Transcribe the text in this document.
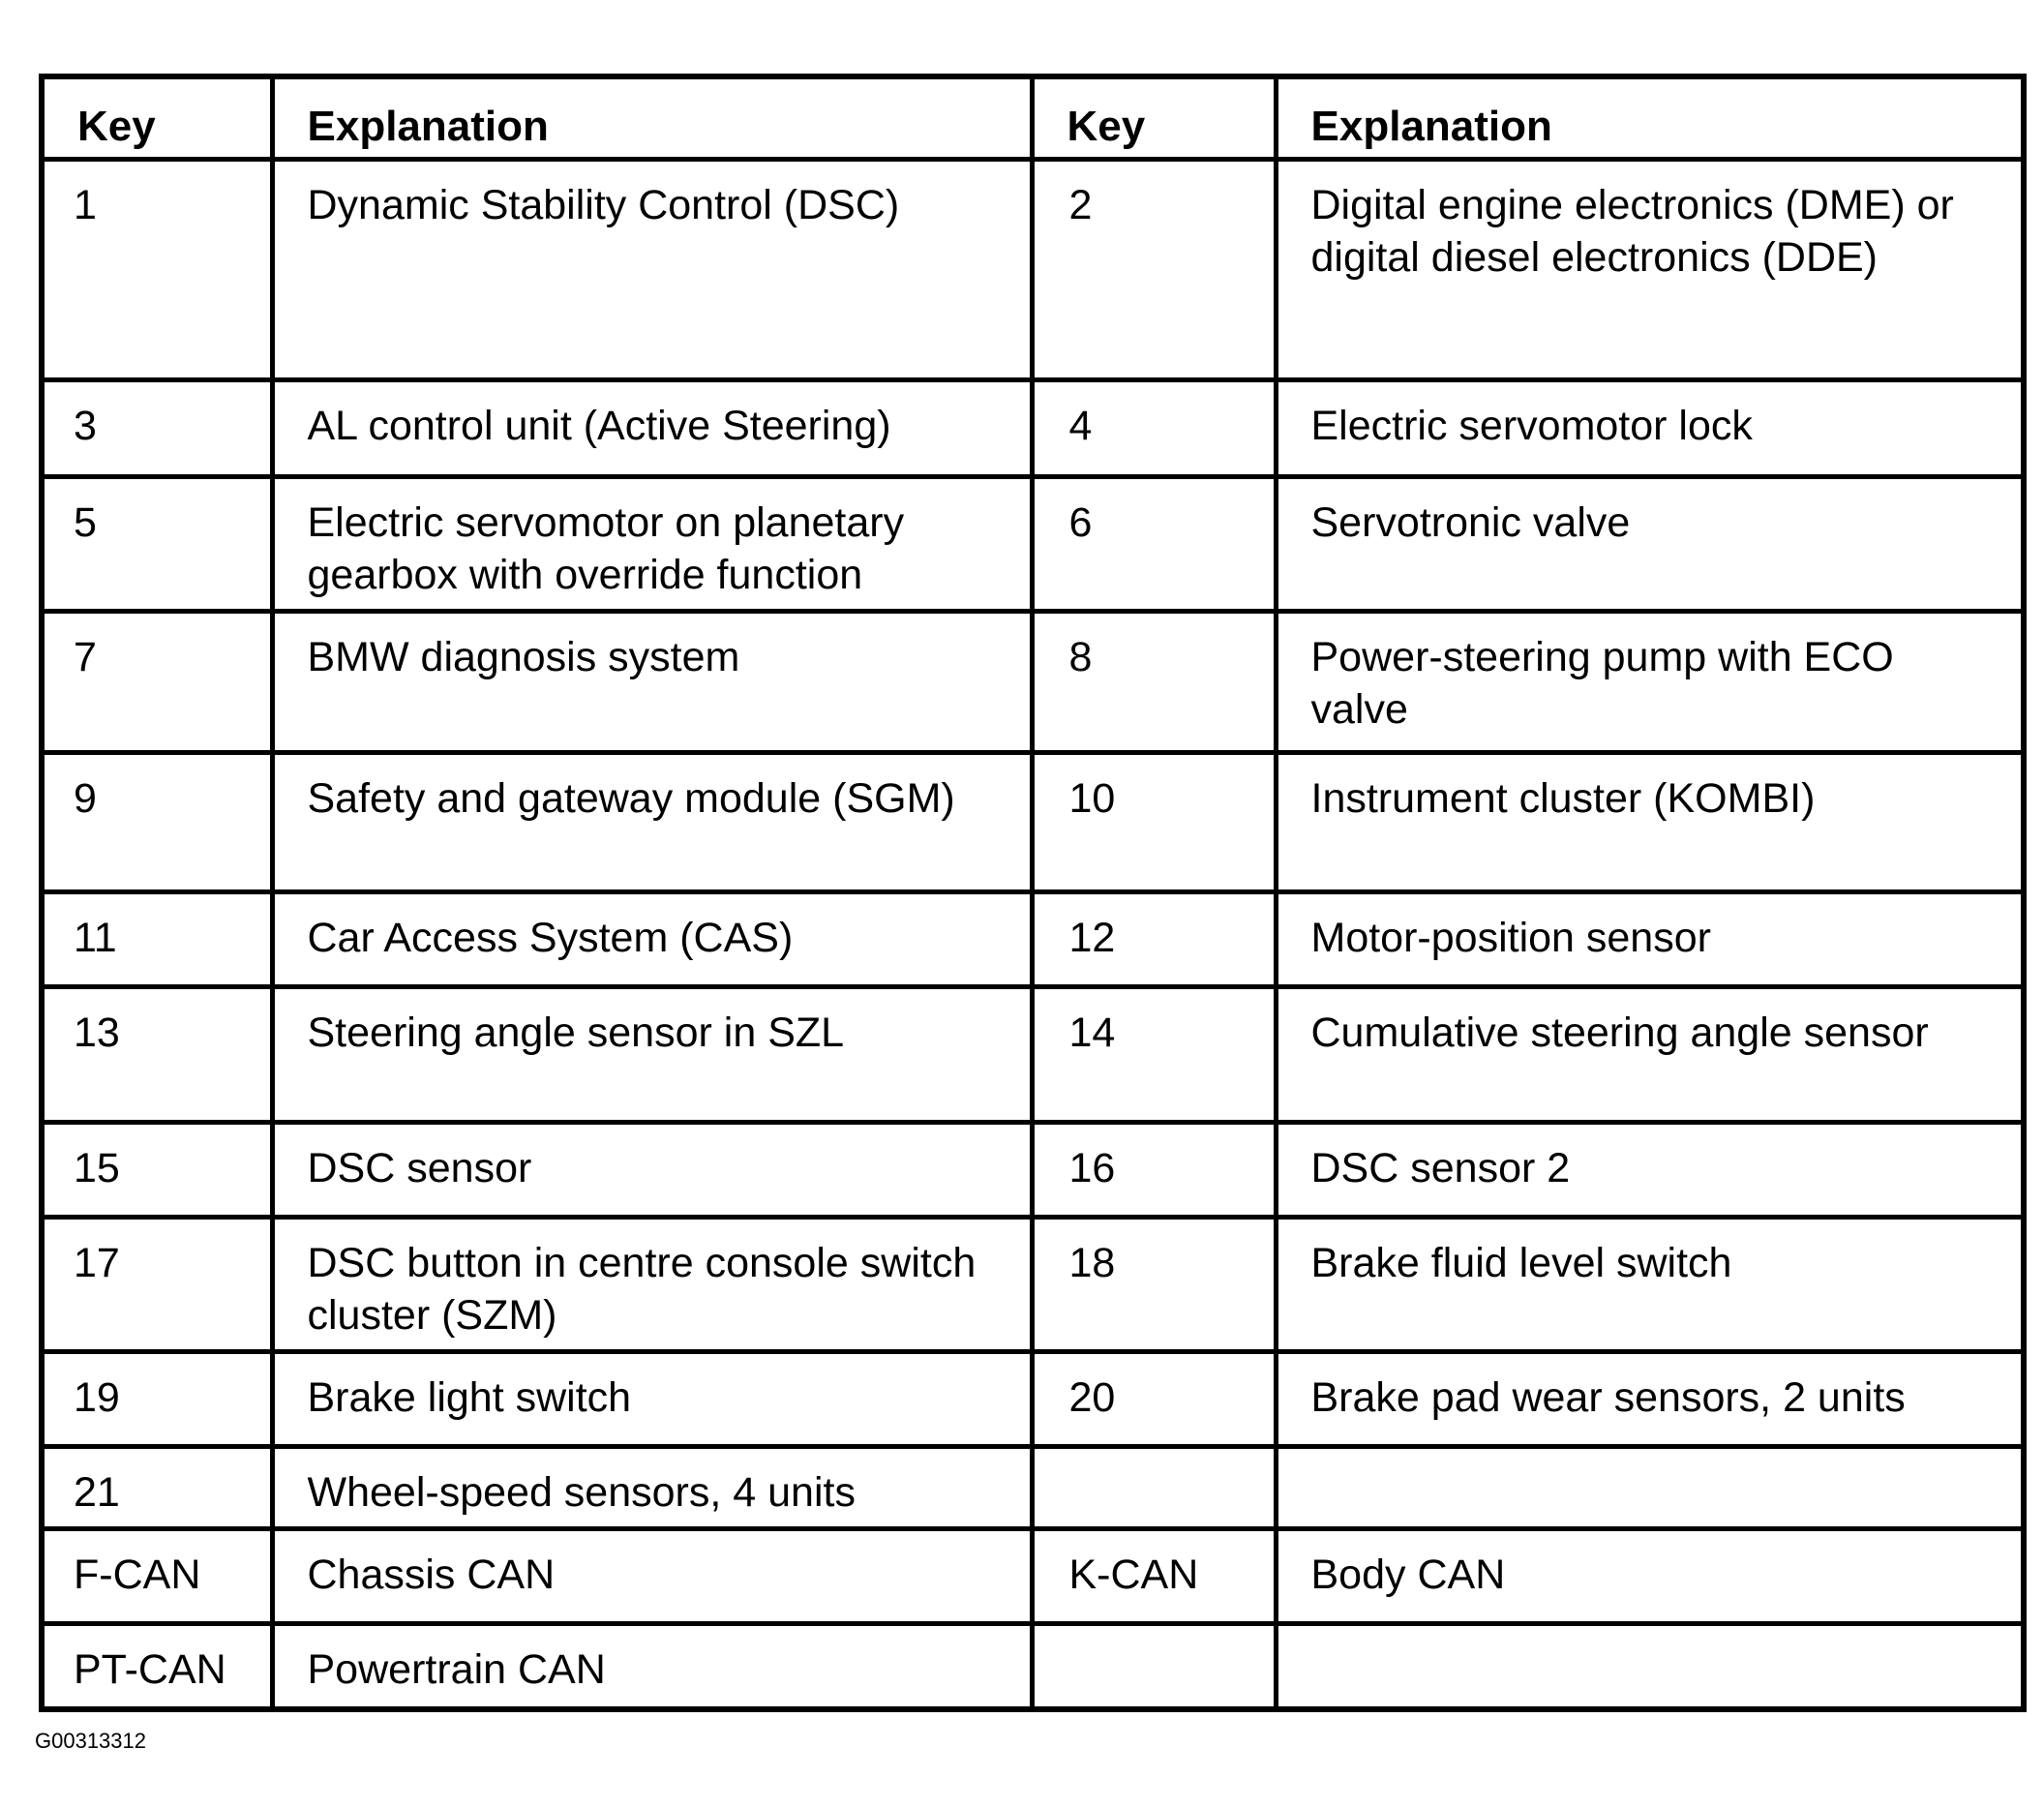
Key	Explanation	Key	Explanation
1	Dynamic Stability Control (DSC)	2	Digital engine electronics (DME) or digital diesel electronics (DDE)
3	AL control unit (Active Steering)	4	Electric servomotor lock
5	Electric servomotor on planetary gearbox with override function	6	Servotronic valve
7	BMW diagnosis system	8	Power-steering pump with ECO valve
9	Safety and gateway module (SGM)	10	Instrument cluster (KOMBI)
11	Car Access System (CAS)	12	Motor-position sensor
13	Steering angle sensor in SZL	14	Cumulative steering angle sensor
15	DSC sensor	16	DSC sensor 2
17	DSC button in centre console switch cluster (SZM)	18	Brake fluid level switch
19	Brake light switch	20	Brake pad wear sensors, 2 units
21	Wheel-speed sensors, 4 units		
F-CAN	Chassis CAN	K-CAN	Body CAN
PT-CAN	Powertrain CAN		
G00313312
